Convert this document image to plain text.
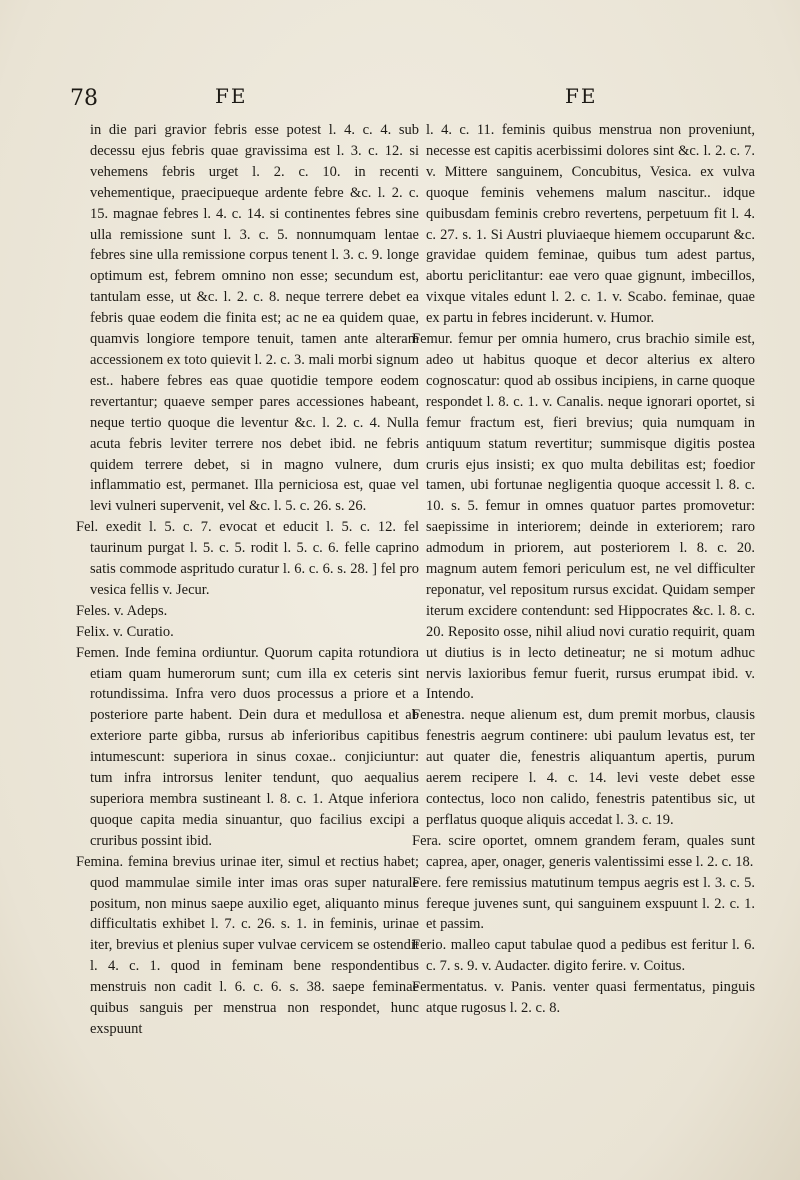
78	FE	FE
in die pari gravior febris esse potest l. 4. c. 4. sub decessu ejus febris quae gravissima est l. 3. c. 12. si vehemens febris urget l. 2. c. 10. in recenti vehementique, praecipueque ardente febre &c. l. 2. c. 15. magnae febres l. 4. c. 14. si continentes febres sine ulla remissione sunt l. 3. c. 5. nonnumquam lentae febres sine ulla remissione corpus tenent l. 3. c. 9. longe optimum est, febrem omnino non esse; secundum est, tantulam esse, ut &c. l. 2. c. 8. neque terrere debet ea febris quae eodem die finita est; ac ne ea quidem quae, quamvis longiore tempore tenuit, tamen ante alteram accessionem ex toto quievit l. 2. c. 3. mali morbi signum est.. habere febres eas quae quotidie tempore eodem revertantur; quaeve semper pares accessiones habeant, neque tertio quoque die leventur &c. l. 2. c. 4. Nulla acuta febris leviter terrere nos debet ibid. ne febris quidem terrere debet, si in magno vulnere, dum inflammatio est, permanet. Illa perniciosa est, quae vel levi vulneri supervenit, vel &c. l. 5. c. 26. s. 26.
Fel. exedit l. 5. c. 7. evocat et educit l. 5. c. 12. fel taurinum purgat l. 5. c. 5. rodit l. 5. c. 6. felle caprino satis commode aspritudo curatur l. 6. c. 6. s. 28. ] fel pro vesica fellis v. Jecur.
Feles. v. Adeps.
Felix. v. Curatio.
Femen. Inde femina ordiuntur. Quorum capita rotundiora etiam quam humerorum sunt; cum illa ex ceteris sint rotundissima. Infra vero duos processus a priore et a posteriore parte habent. Dein dura et medullosa et ab exteriore parte gibba, rursus ab inferioribus capitibus intumescunt: superiora in sinus coxae.. conjiciuntur: tum infra introrsus leniter tendunt, quo aequalius superiora membra sustineant l. 8. c. 1. Atque inferiora quoque capita media sinuantur, quo facilius excipi a cruribus possint ibid.
Femina. femina brevius urinae iter, simul et rectius habet; quod mammulae simile inter imas oras super naturale positum, non minus saepe auxilio eget, aliquanto minus difficultatis exhibet l. 7. c. 26. s. 1. in feminis, urinae iter, brevius et plenius super vulvae cervicem se ostendit l. 4. c. 1. quod in feminam bene respondentibus menstruis non cadit l. 6. c. 6. s. 38. saepe feminae quibus sanguis per menstrua non respondet, hunc exspuunt
l. 4. c. 11. feminis quibus menstrua non proveniunt, necesse est capitis acerbissimi dolores sint &c. l. 2. c. 7. v. Mittere sanguinem, Concubitus, Vesica. ex vulva quoque feminis vehemens malum nascitur.. idque quibusdam feminis crebro revertens, perpetuum fit l. 4. c. 27. s. 1. Si Austri pluviaeque hiemem occuparunt &c. gravidae quidem feminae, quibus tum adest partus, abortu periclitantur: eae vero quae gignunt, imbecillos, vixque vitales edunt l. 2. c. 1. v. Scabo. feminae, quae ex partu in febres inciderunt. v. Humor.
Femur. femur per omnia humero, crus brachio simile est, adeo ut habitus quoque et decor alterius ex altero cognoscatur: quod ab ossibus incipiens, in carne quoque respondet l. 8. c. 1. v. Canalis. neque ignorari oportet, si femur fractum est, fieri brevius; quia numquam in antiquum statum revertitur; summisque digitis postea cruris ejus insisti; ex quo multa debilitas est; foedior tamen, ubi fortunae negligentia quoque accessit l. 8. c. 10. s. 5. femur in omnes quatuor partes promovetur: saepissime in interiorem; deinde in exteriorem; raro admodum in priorem, aut posteriorem l. 8. c. 20. magnum autem femori periculum est, ne vel difficulter reponatur, vel repositum rursus excidat. Quidam semper iterum excidere contendunt: sed Hippocrates &c. l. 8. c. 20. Reposito osse, nihil aliud novi curatio requirit, quam ut diutius is in lecto detineatur; ne si motum adhuc nervis laxioribus femur fuerit, rursus erumpat ibid. v. Intendo.
Fenestra. neque alienum est, dum premit morbus, clausis fenestris aegrum continere: ubi paulum levatus est, ter aut quater die, fenestris aliquantum apertis, purum aerem recipere l. 4. c. 14. levi veste debet esse contectus, loco non calido, fenestris patentibus sic, ut perflatus quoque aliquis accedat l. 3. c. 19.
Fera. scire oportet, omnem grandem feram, quales sunt caprea, aper, onager, generis valentissimi esse l. 2. c. 18.
Fere. fere remissius matutinum tempus aegris est l. 3. c. 5. fereque juvenes sunt, qui sanguinem exspuunt l. 2. c. 1. et passim.
Ferio. malleo caput tabulae quod a pedibus est feritur l. 6. c. 7. s. 9. v. Audacter. digito ferire. v. Coitus.
Fermentatus. v. Panis. venter quasi fermentatus, pinguis atque rugosus l. 2. c. 8.
